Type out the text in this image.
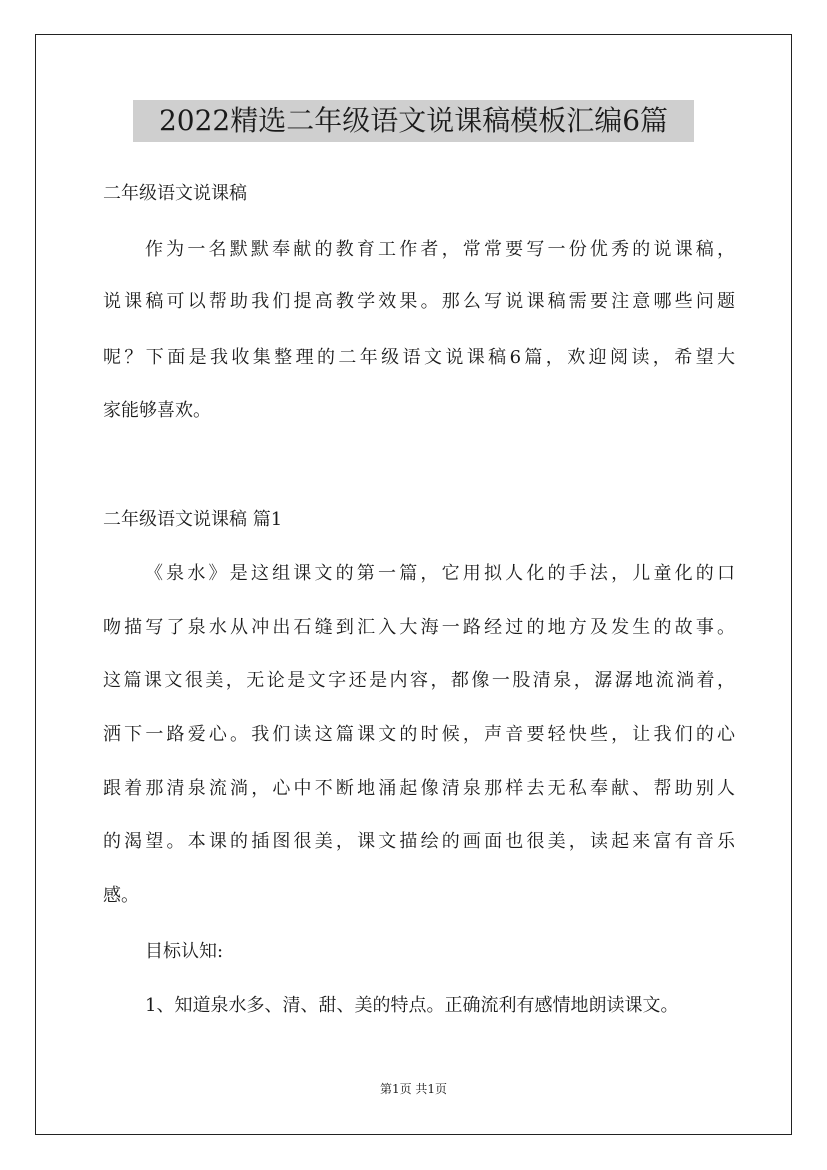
2022精选二年级语文说课稿模板汇编6篇
二年级语文说课稿
作为一名默默奉献的教育工作者，常常要写一份优秀的说课稿，
说课稿可以帮助我们提高教学效果。那么写说课稿需要注意哪些问题
呢？下面是我收集整理的二年级语文说课稿6篇，欢迎阅读，希望大
家能够喜欢。
二年级语文说课稿 篇1
《泉水》是这组课文的第一篇，它用拟人化的手法，儿童化的口
吻描写了泉水从冲出石缝到汇入大海一路经过的地方及发生的故事。
这篇课文很美，无论是文字还是内容，都像一股清泉，潺潺地流淌着，
洒下一路爱心。我们读这篇课文的时候，声音要轻快些，让我们的心
跟着那清泉流淌，心中不断地涌起像清泉那样去无私奉献、帮助别人
的渴望。本课的插图很美，课文描绘的画面也很美，读起来富有音乐
感。
目标认知:
1、知道泉水多、清、甜、美的特点。正确流利有感情地朗读课文。
第1页 共1页
